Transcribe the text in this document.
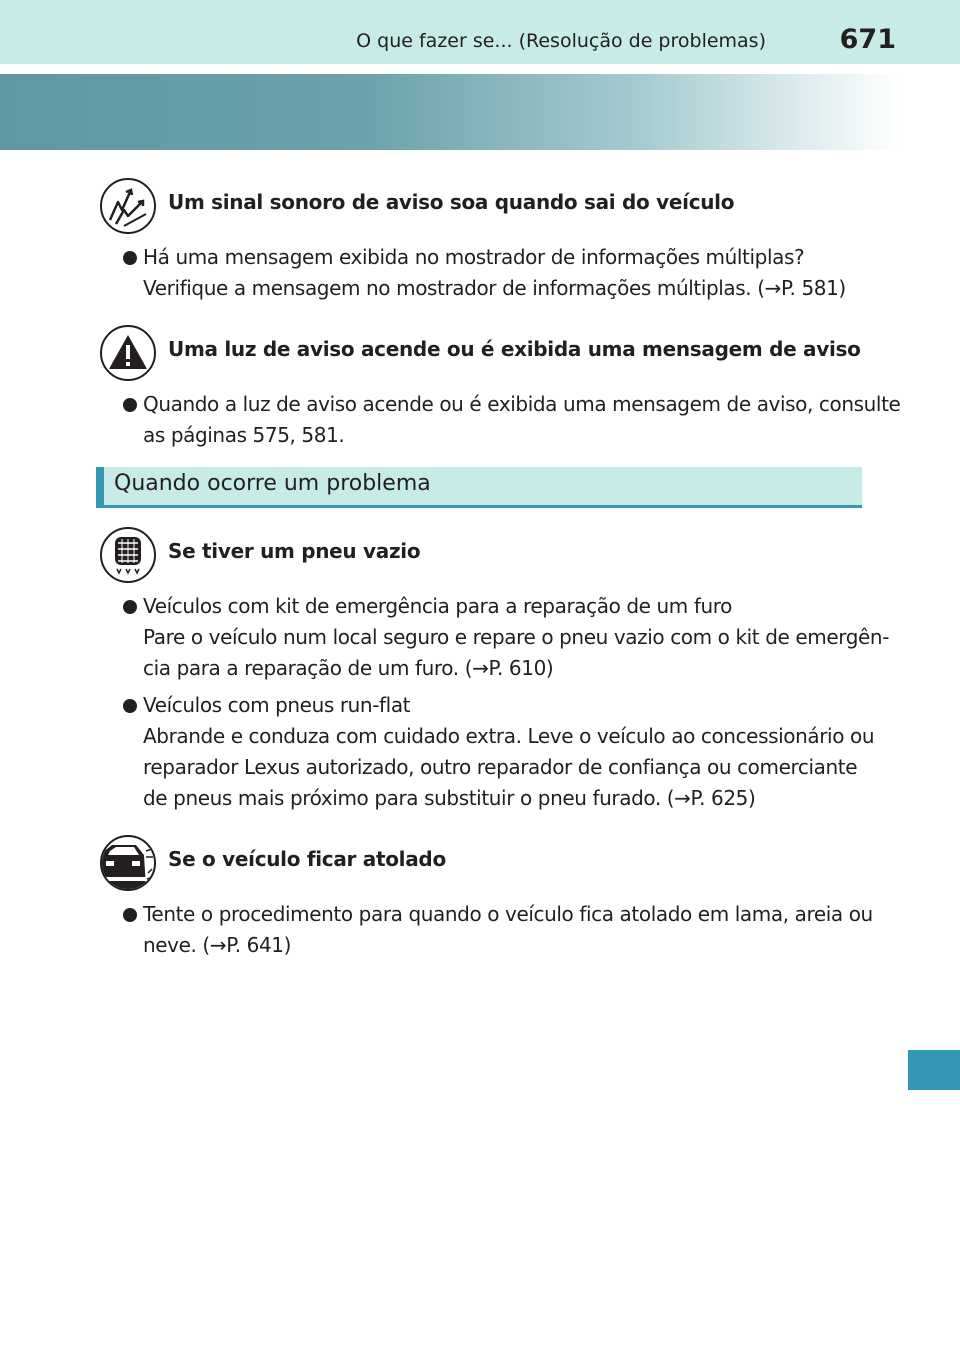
O que fazer se... (Resolução de problemas)	671
Um sinal sonoro de aviso soa quando sai do veículo
Há uma mensagem exibida no mostrador de informações múltiplas?
Verifique a mensagem no mostrador de informações múltiplas. (→P. 581)
Uma luz de aviso acende ou é exibida uma mensagem de aviso
Quando a luz de aviso acende ou é exibida uma mensagem de aviso, consulte
as páginas 575, 581.
Quando ocorre um problema
Se tiver um pneu vazio
Veículos com kit de emergência para a reparação de um furo
Pare o veículo num local seguro e repare o pneu vazio com o kit de emergên-
cia para a reparação de um furo. (→P. 610)
Veículos com pneus run-flat
Abrande e conduza com cuidado extra. Leve o veículo ao concessionário ou
reparador Lexus autorizado, outro reparador de confiança ou comerciante
de pneus mais próximo para substituir o pneu furado. (→P. 625)
Se o veículo ficar atolado
Tente o procedimento para quando o veículo fica atolado em lama, areia ou
neve. (→P. 641)
